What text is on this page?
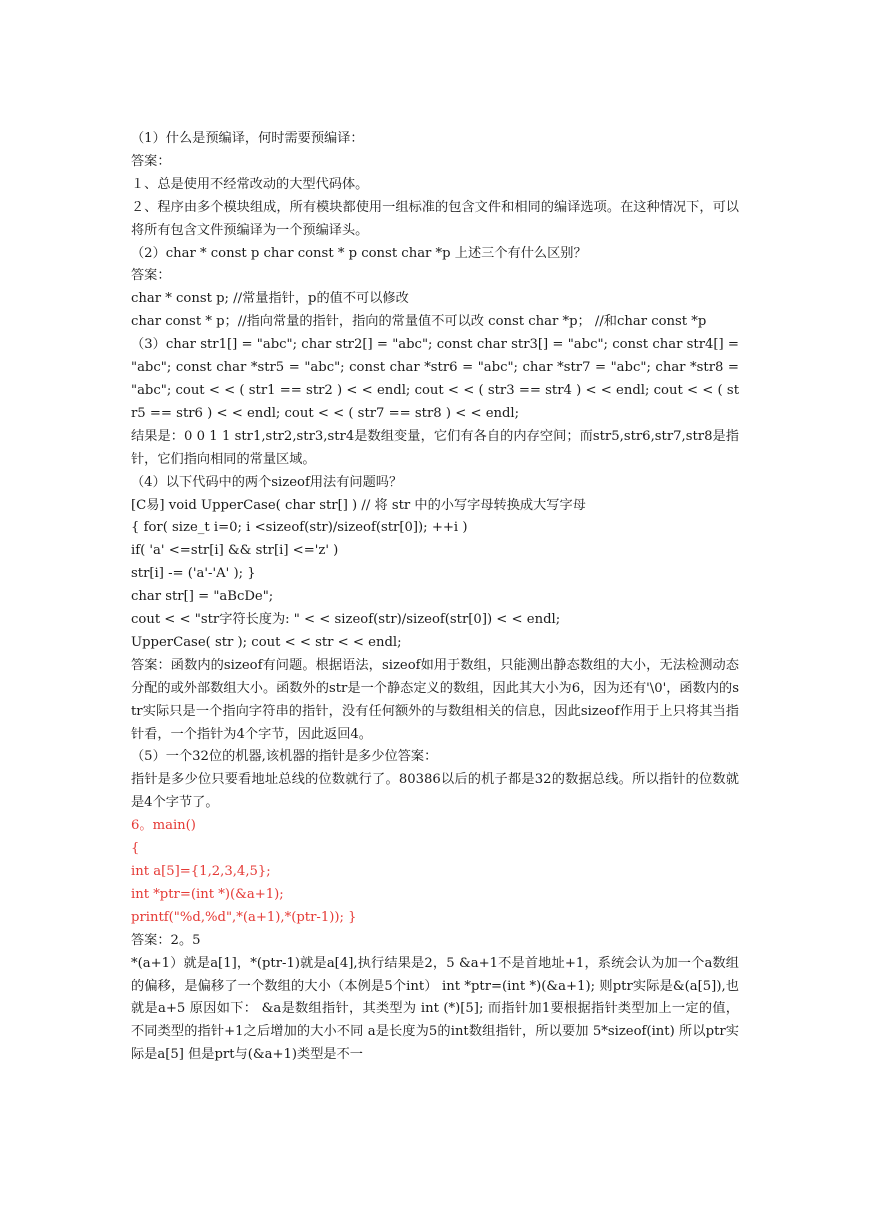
（1）什么是预编译，何时需要预编译：

答案：

１、总是使用不经常改动的大型代码体。

２、程序由多个模块组成，所有模块都使用一组标准的包含文件和相同的编译选项。在这种情况下，可以将所有包含文件预编译为一个预编译头。

（2）char * const p char const * p const char *p 上述三个有什么区别？

答案：

char * const p; //常量指针，p的值不可以修改

char const * p；//指向常量的指针，指向的常量值不可以改 const char *p； //和char const *p

（3）char str1[] = "abc"; char str2[] = "abc"; const char str3[] = "abc"; const char str4[] = "abc"; const char *str5 = "abc"; const char *str6 = "abc"; char *str7 = "abc"; char *str8 = "abc"; cout < < ( str1 == str2 ) < < endl; cout < < ( str3 == str4 ) < < endl; cout < < ( str5 == str6 ) < < endl; cout < < ( str7 == str8 ) < < endl;

结果是：0 0 1 1 str1,str2,str3,str4是数组变量，它们有各自的内存空间；而str5,str6,str7,str8是指针，它们指向相同的常量区域。

（4）以下代码中的两个sizeof用法有问题吗？

[C易] void UpperCase( char str[] ) // 将 str 中的小写字母转换成大写字母

{ for( size_t i=0; i <sizeof(str)/sizeof(str[0]); ++i )

if( 'a' <=str[i] && str[i] <='z' )

str[i] -= ('a'-'A' ); }

char str[] = "aBcDe";

cout < < "str字符长度为: " < < sizeof(str)/sizeof(str[0]) < < endl;

UpperCase( str ); cout < < str < < endl;

答案：函数内的sizeof有问题。根据语法，sizeof如用于数组，只能测出静态数组的大小，无法检测动态分配的或外部数组大小。函数外的str是一个静态定义的数组，因此其大小为6，因为还有'\0'，函数内的str实际只是一个指向字符串的指针，没有任何额外的与数组相关的信息，因此sizeof作用于上只将其当指针看，一个指针为4个字节，因此返回4。

（5）一个32位的机器,该机器的指针是多少位答案：

指针是多少位只要看地址总线的位数就行了。80386以后的机子都是32的数据总线。所以指针的位数就是4个字节了。

6。main()

{

int a[5]={1,2,3,4,5};

int *ptr=(int *)(&a+1);

printf("%d,%d",*(a+1),*(ptr-1)); }

答案：2。5

*(a+1）就是a[1]，*(ptr-1)就是a[4],执行结果是2，5 &a+1不是首地址+1，系统会认为加一个a数组的偏移，是偏移了一个数组的大小（本例是5个int） int *ptr=(int *)(&a+1); 则ptr实际是&(a[5]),也就是a+5 原因如下： &a是数组指针，其类型为 int (*)[5]; 而指针加1要根据指针类型加上一定的值，不同类型的指针+1之后增加的大小不同 a是长度为5的int数组指针，所以要加 5*sizeof(int) 所以ptr实际是a[5] 但是prt与(&a+1)类型是不一
